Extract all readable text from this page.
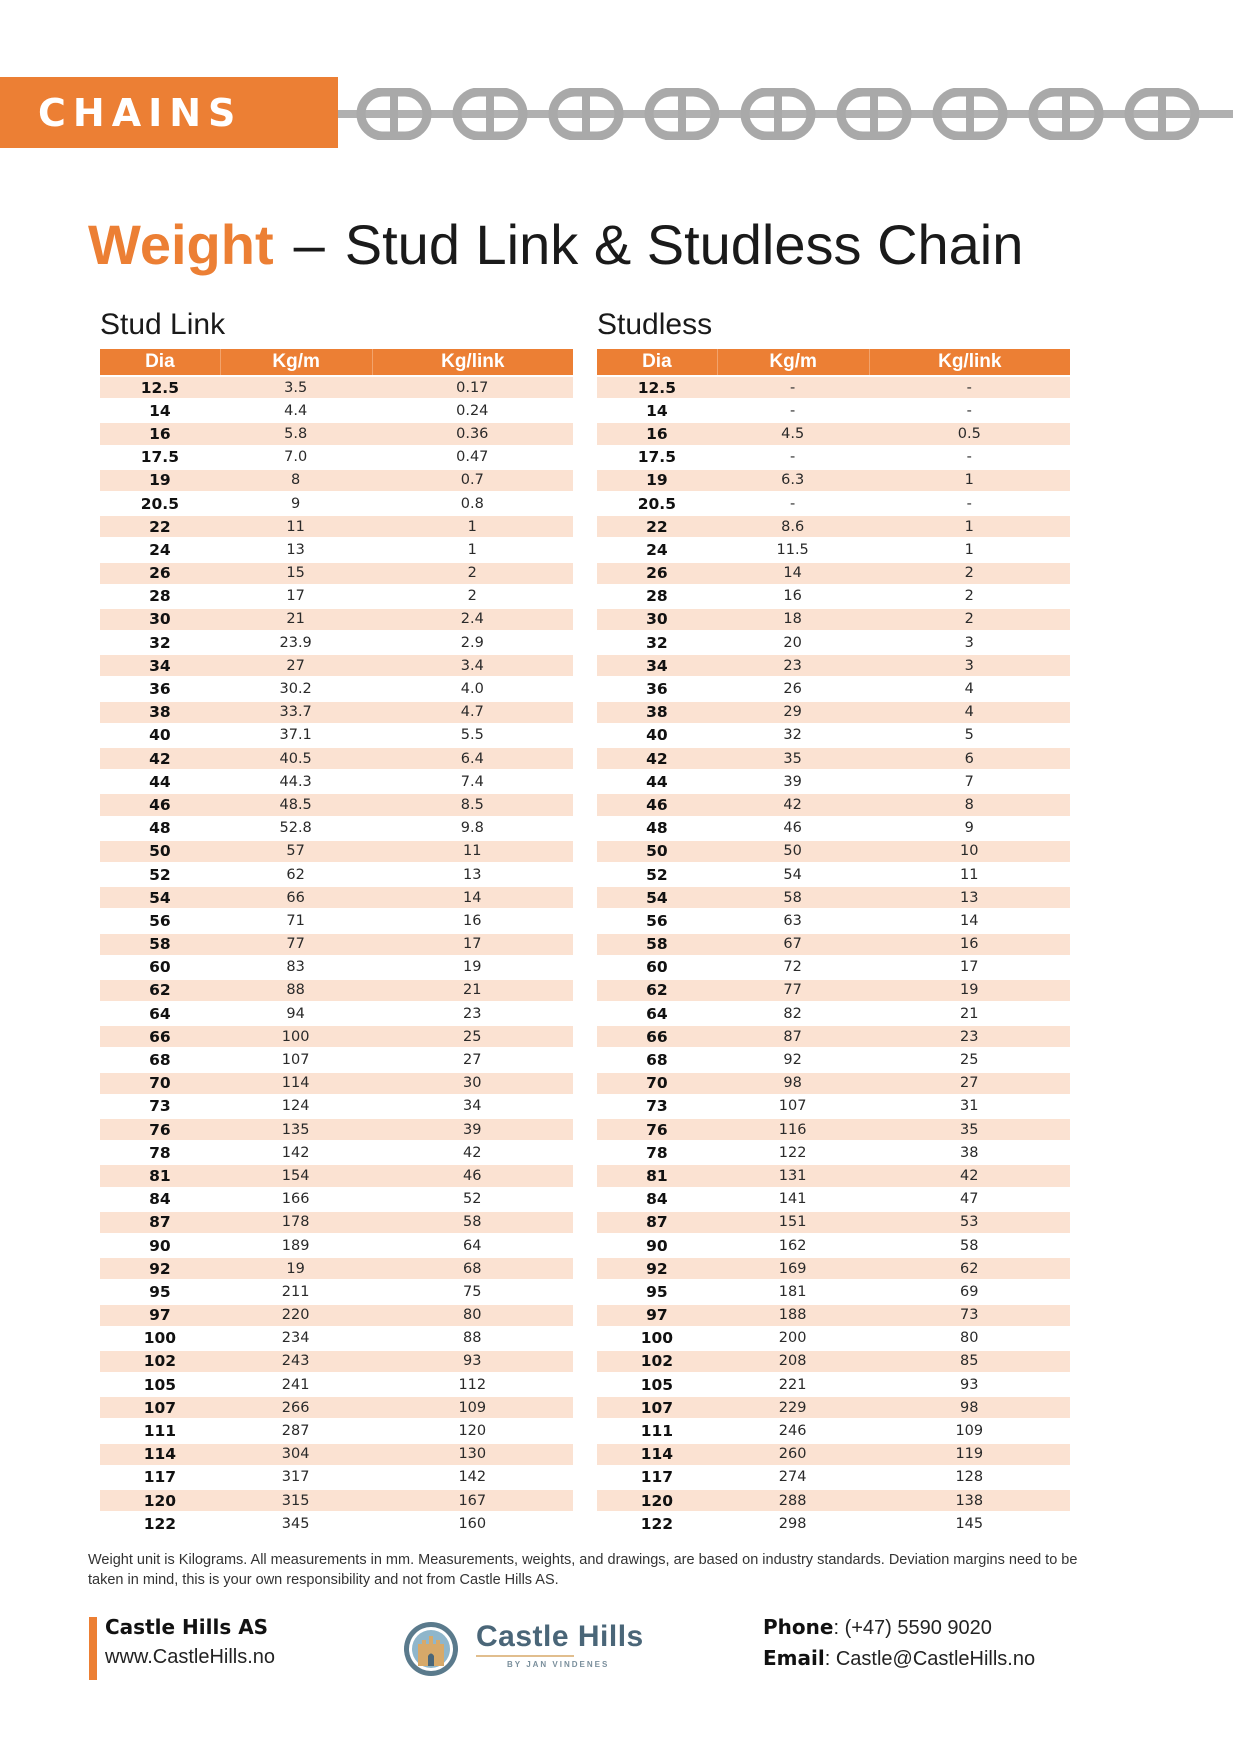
CHAINS
Weight – Stud Link & Studless Chain
Stud Link	Studless
Dia	Kg/m	Kg/link
12.5	3.5	0.17
14	4.4	0.24
16	5.8	0.36
17.5	7.0	0.47
19	8	0.7
20.5	9	0.8
22	11	1
24	13	1
26	15	2
28	17	2
30	21	2.4
32	23.9	2.9
34	27	3.4
36	30.2	4.0
38	33.7	4.7
40	37.1	5.5
42	40.5	6.4
44	44.3	7.4
46	48.5	8.5
48	52.8	9.8
50	57	11
52	62	13
54	66	14
56	71	16
58	77	17
60	83	19
62	88	21
64	94	23
66	100	25
68	107	27
70	114	30
73	124	34
76	135	39
78	142	42
81	154	46
84	166	52
87	178	58
90	189	64
92	19	68
95	211	75
97	220	80
100	234	88
102	243	93
105	241	112
107	266	109
111	287	120
114	304	130
117	317	142
120	315	167
122	345	160
Dia	Kg/m	Kg/link
12.5	-	-
14	-	-
16	4.5	0.5
17.5	-	-
19	6.3	1
20.5	-	-
22	8.6	1
24	11.5	1
26	14	2
28	16	2
30	18	2
32	20	3
34	23	3
36	26	4
38	29	4
40	32	5
42	35	6
44	39	7
46	42	8
48	46	9
50	50	10
52	54	11
54	58	13
56	63	14
58	67	16
60	72	17
62	77	19
64	82	21
66	87	23
68	92	25
70	98	27
73	107	31
76	116	35
78	122	38
81	131	42
84	141	47
87	151	53
90	162	58
92	169	62
95	181	69
97	188	73
100	200	80
102	208	85
105	221	93
107	229	98
111	246	109
114	260	119
117	274	128
120	288	138
122	298	145

Weight unit is Kilograms. All measurements in mm. Measurements, weights, and drawings, are based on industry standards. Deviation margins need to be taken in mind, this is your own responsibility and not from Castle Hills AS.

Castle Hills AS
www.CastleHills.no
Castle Hills
BY JAN VINDENES
Phone: (+47) 5590 9020
Email: Castle@CastleHills.no
